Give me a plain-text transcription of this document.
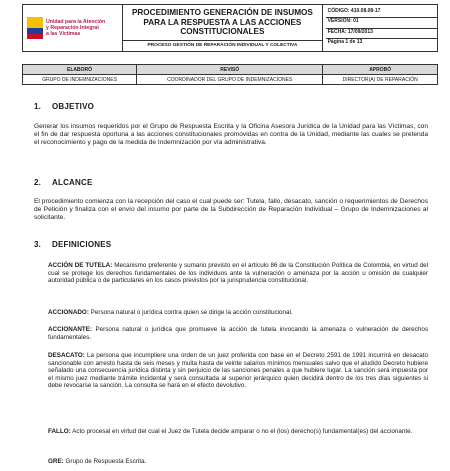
Unidad para la Atención
y Reparación Integral
a las Víctimas

PROCEDIMIENTO GENERACIÓN DE INSUMOS PARA LA RESPUESTA A LAS ACCIONES CONSTITUCIONALES
PROCESO GESTIÓN DE REPARACIÓN INDIVIDUAL Y COLECTIVA

CÓDIGO: 410.08.08-17
VERSIÓN: 01
FECHA: 17/09/2013
Página 1 de 13
ELABORÓ	REVISÓ	APROBÓ
GRUPO DE INDEMNIZACIONES	COORDINADOR DEL GRUPO DE INDEMNIZACIONES	DIRECTOR(A) DE REPARACIÓN
1. OBJETIVO
Generar los insumos requeridos por el Grupo de Respuesta Escrita y la Oficina Asesora Jurídica de la Unidad para las Víctimas, con el fin de dar respuesta oportuna a las acciones constitucionales promovidas en contra de la Unidad, mediante las cuales se pretenda el reconocimiento y pago de la medida de Indemnización por vía administrativa.
2. ALCANCE
El procedimiento comienza con la recepción del caso el cual puede ser: Tutela, fallo, desacato, sanción o requerimientos de Derechos de Petición y finaliza con el envío del insumo por parte de la Subdirección de Reparación Individual – Grupo de Indemnizaciones al solicitante.
3. DEFINICIONES
ACCIÓN DE TUTELA: Mecanismo preferente y sumario previsto en el artículo 86 de la Constitución Política de Colombia, en virtud del cual se protege los derechos fundamentales de los individuos ante la vulneración o amenaza por la acción u omisión de cualquier autoridad pública o de particulares en los casos previstos por la jurisprudencia constitucional.
ACCIONADO: Persona natural o jurídica contra quien se dirige la acción constitucional.
ACCIONANTE: Persona natural o jurídica que promueve la acción de tutela invocando la amenaza o vulneración de derechos fundamentales.
DESACATO: La persona que incumpliere una orden de un juez proferida con base en el Decreto 2591 de 1991 incurrirá en desacato sancionable con arresto hasta de seis meses y multa hasta de veinte salarios mínimos mensuales salvo que el aludido Decreto hubiere señalado una consecuencia jurídica distinta y sin perjuicio de las sanciones penales a que hubiere lugar. La sanción será impuesta por el mismo juez mediante trámite incidental y será consultada al superior jerárquico quien decidirá dentro de los tres días siguientes si debe revocarse la sanción. La consulta se hará en el efecto devolutivo.
FALLO: Acto procesal en virtud del cual el Juez de Tutela decide amparar o no el (los) derecho(s) fundamental(es) del accionante.
GRE: Grupo de Respuesta Escrita.
